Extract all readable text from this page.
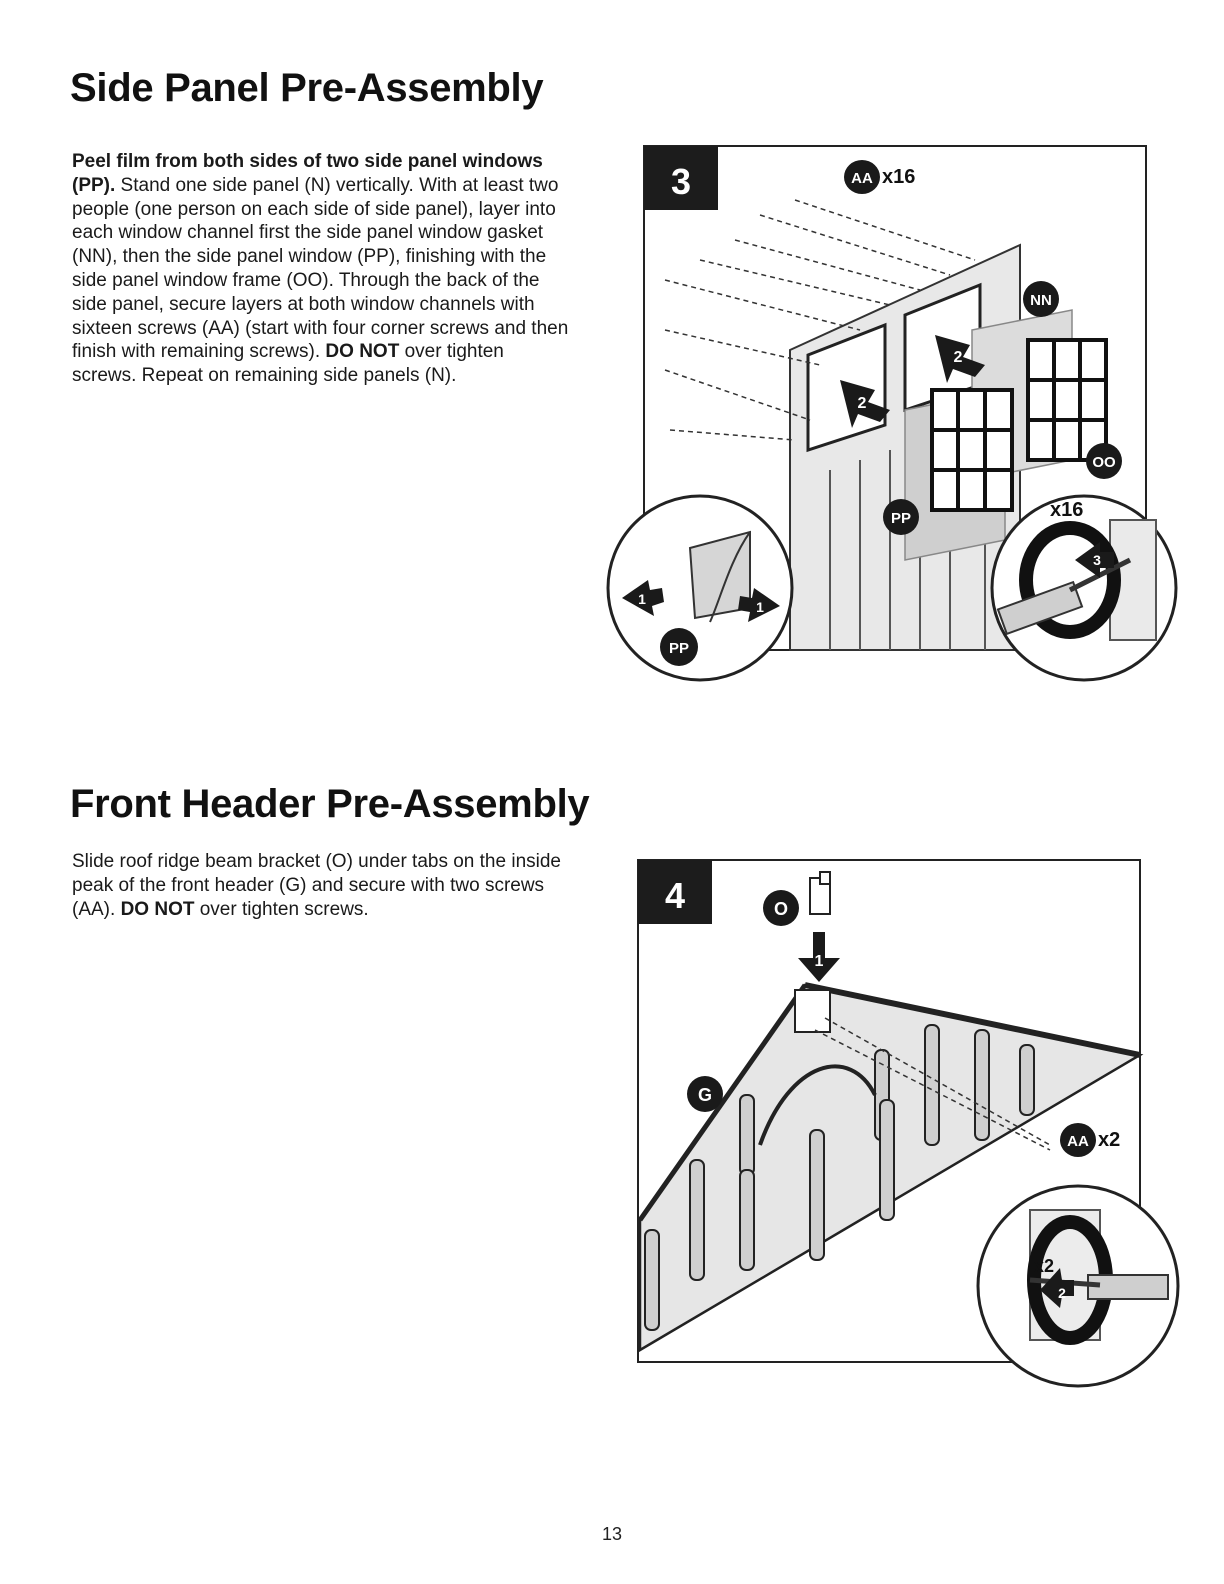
Side Panel Pre-Assembly

Peel film from both sides of two side panel windows (PP). Stand one side panel (N) vertically. With at least two people (one person on each side of side panel), layer into each window channel first the side panel window gasket (NN), then the side panel window (PP), finishing with the side panel window frame (OO). Through the back of the side panel, secure layers at both window channels with sixteen screws (AA) (start with four corner screws and then finish with remaining screws). DO NOT over tighten screws. Repeat on remaining side panels (N).

3
2
2
AA x16
NN
OO
PP
1	1
PP
3
x16
Front Header Pre-Assembly

Slide roof ridge beam bracket (O) under tabs on the inside peak of the front header (G) and secure with two screws (AA). DO NOT over tighten screws.	4
1
O
G
AA x2
2
x2
13
